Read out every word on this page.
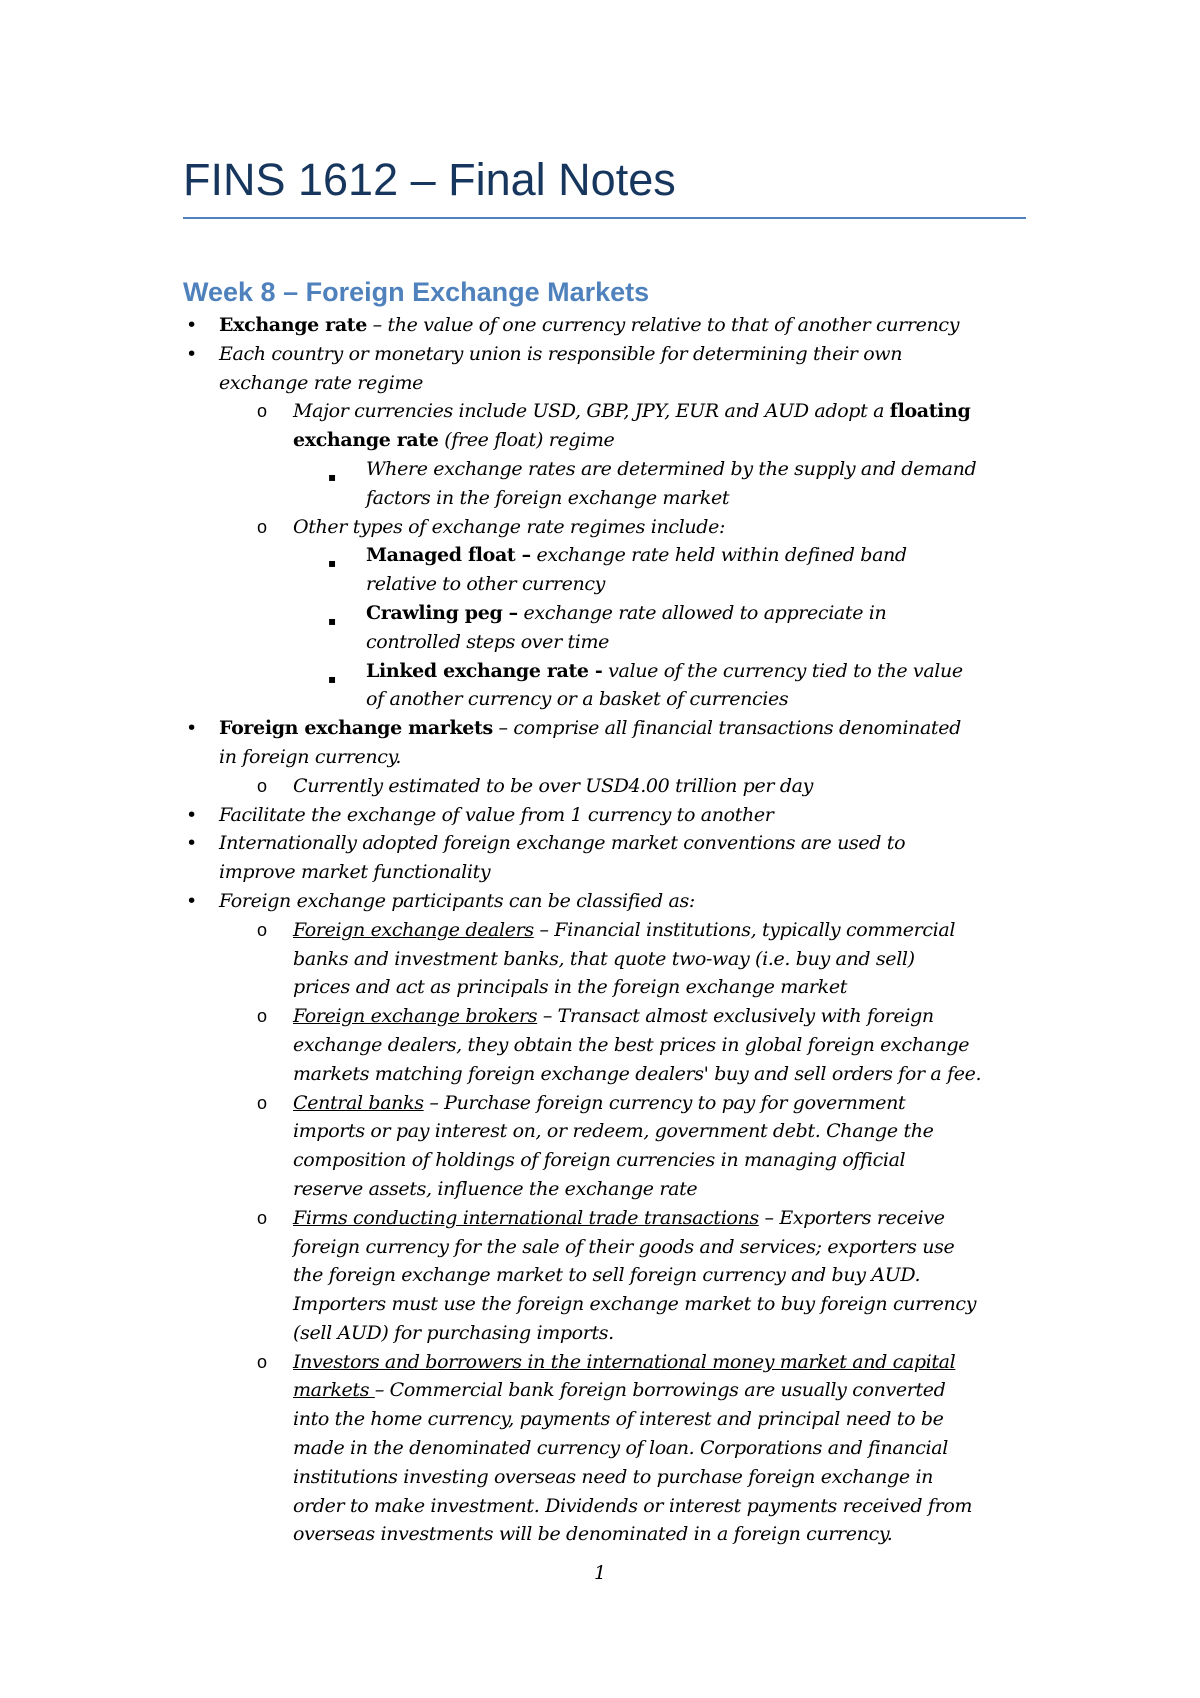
FINS 1612 – Final Notes
Week 8 – Foreign Exchange Markets
• Exchange rate – the value of one currency relative to that of another currency
• Each country or monetary union is responsible for determining their own
exchange rate regime
o Major currencies include USD, GBP, JPY, EUR and AUD adopt a floating
exchange rate (free float) regime
▪ Where exchange rates are determined by the supply and demand
factors in the foreign exchange market
o Other types of exchange rate regimes include:
▪ Managed float – exchange rate held within defined band
relative to other currency
▪ Crawling peg – exchange rate allowed to appreciate in
controlled steps over time
▪ Linked exchange rate - value of the currency tied to the value
of another currency or a basket of currencies
• Foreign exchange markets – comprise all financial transactions denominated
in foreign currency.
o Currently estimated to be over USD4.00 trillion per day
• Facilitate the exchange of value from 1 currency to another
• Internationally adopted foreign exchange market conventions are used to
improve market functionality
• Foreign exchange participants can be classified as:
o Foreign exchange dealers – Financial institutions, typically commercial
banks and investment banks, that quote two-way (i.e. buy and sell)
prices and act as principals in the foreign exchange market
o Foreign exchange brokers – Transact almost exclusively with foreign
exchange dealers, they obtain the best prices in global foreign exchange
markets matching foreign exchange dealers' buy and sell orders for a fee.
o Central banks – Purchase foreign currency to pay for government
imports or pay interest on, or redeem, government debt. Change the
composition of holdings of foreign currencies in managing official
reserve assets, influence the exchange rate
o Firms conducting international trade transactions – Exporters receive
foreign currency for the sale of their goods and services; exporters use
the foreign exchange market to sell foreign currency and buy AUD.
Importers must use the foreign exchange market to buy foreign currency
(sell AUD) for purchasing imports.
o Investors and borrowers in the international money market and capital
markets – Commercial bank foreign borrowings are usually converted
into the home currency, payments of interest and principal need to be
made in the denominated currency of loan. Corporations and financial
institutions investing overseas need to purchase foreign exchange in
order to make investment. Dividends or interest payments received from
overseas investments will be denominated in a foreign currency.
1
